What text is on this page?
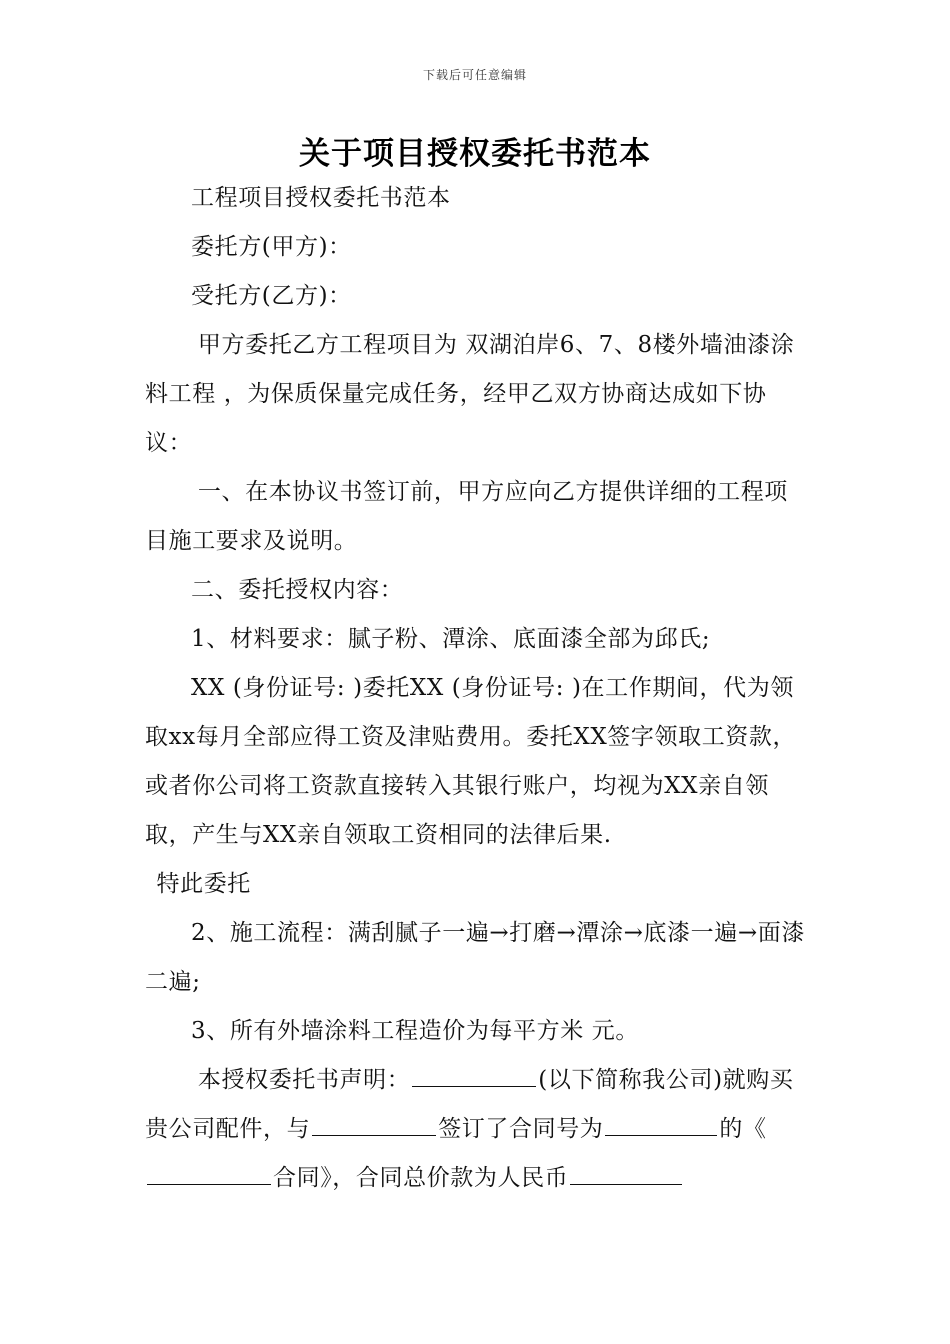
下载后可任意编辑
关于项目授权委托书范本

工程项目授权委托书范本

委托方(甲方)：

受托方(乙方)：

甲方委托乙方工程项目为 双湖泊岸6、7、8楼外墙油漆涂料工程 ，为保质保量完成任务，经甲乙双方协商达成如下协议：

一、在本协议书签订前，甲方应向乙方提供详细的工程项目施工要求及说明。

二、委托授权内容：

1、材料要求：腻子粉、潭涂、底面漆全部为邱氏;

XX (身份证号: )委托XX (身份证号: )在工作期间，代为领取xx每月全部应得工资及津贴费用。委托XX签字领取工资款，或者你公司将工资款直接转入其银行账户，均视为XX亲自领取，产生与XX亲自领取工资相同的法律后果.

特此委托

2、施工流程：满刮腻子一遍→打磨→潭涂→底漆一遍→面漆二遍;

3、所有外墙涂料工程造价为每平方米 元。

本授权委托书声明：	(以下简称我公司)就购买贵公司配件，与	签订了合同号为	的《合同》，合同总价款为人民币
